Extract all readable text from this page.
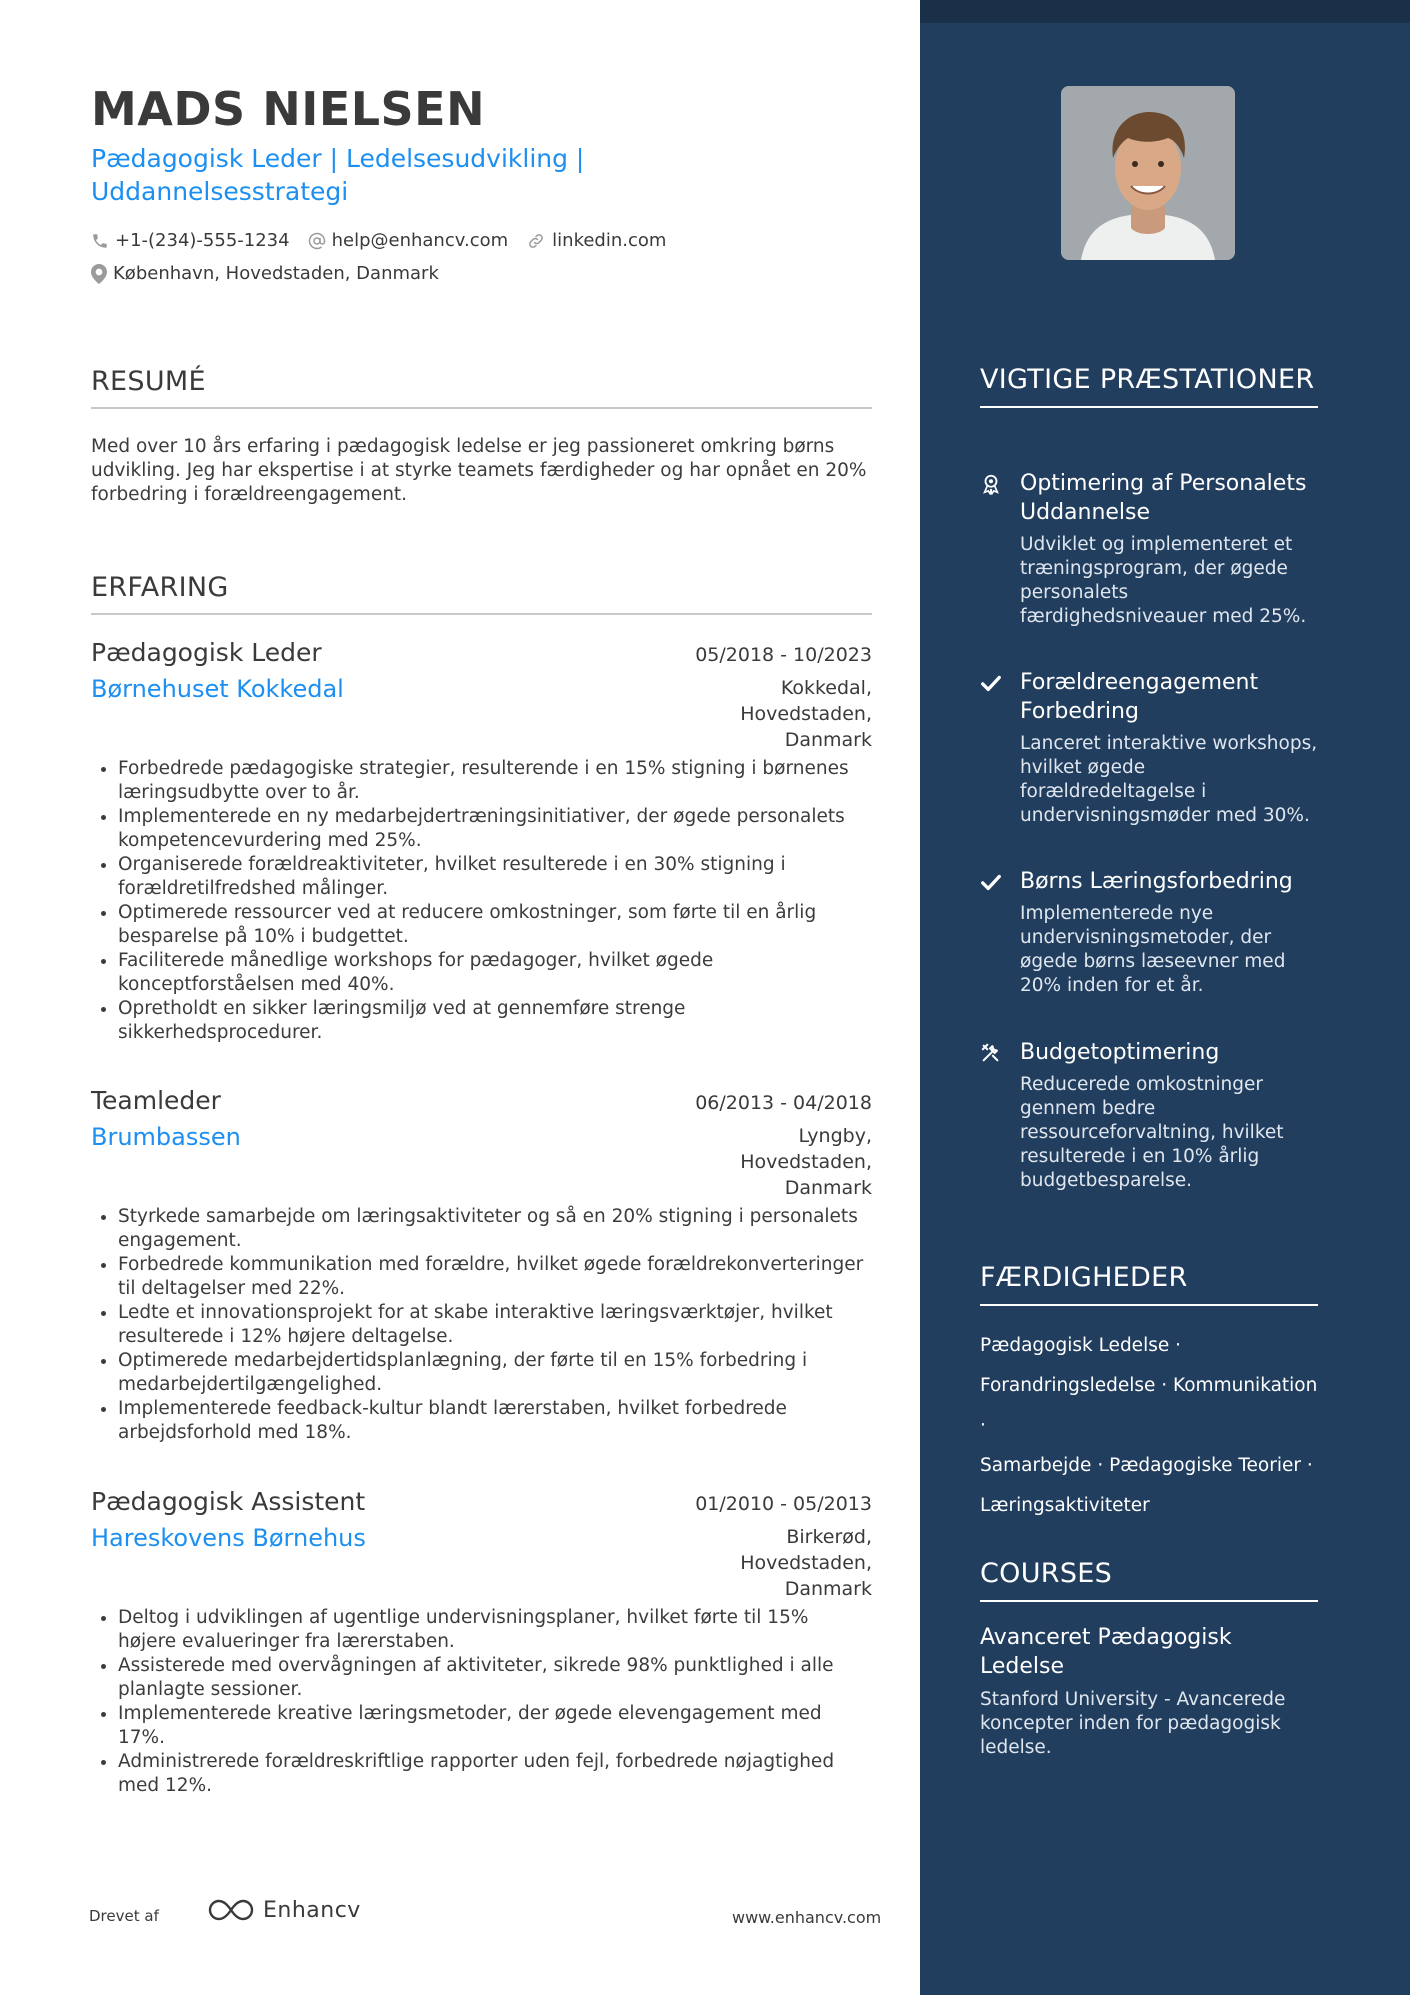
MADS NIELSEN
Pædagogisk Leder | Ledelsesudvikling | Uddannelsesstrategi
+1-(234)-555-1234 help@enhancv.com linkedin.com
København, Hovedstaden, Danmark
RESUMÉ
Med over 10 års erfaring i pædagogisk ledelse er jeg passioneret omkring børns udvikling. Jeg har ekspertise i at styrke teamets færdigheder og har opnået en 20% forbedring i forældreengagement.
ERFARING
Pædagogisk Leder	05/2018 - 10/2023
Børnehuset Kokkedal	Kokkedal, Hovedstaden, Danmark
• Forbedrede pædagogiske strategier, resulterende i en 15% stigning i børnenes læringsudbytte over to år.
• Implementerede en ny medarbejdertræningsinitiativer, der øgede personalets kompetencevurdering med 25%.
• Organiserede forældreaktiviteter, hvilket resulterede i en 30% stigning i forældretilfredshed målinger.
• Optimerede ressourcer ved at reducere omkostninger, som førte til en årlig besparelse på 10% i budgettet.
• Faciliterede månedlige workshops for pædagoger, hvilket øgede konceptforståelsen med 40%.
• Opretholdt en sikker læringsmiljø ved at gennemføre strenge sikkerhedsprocedurer.
Teamleder	06/2013 - 04/2018
Brumbassen	Lyngby, Hovedstaden, Danmark
• Styrkede samarbejde om læringsaktiviteter og så en 20% stigning i personalets engagement.
• Forbedrede kommunikation med forældre, hvilket øgede forældrekonverteringer til deltagelser med 22%.
• Ledte et innovationsprojekt for at skabe interaktive læringsværktøjer, hvilket resulterede i 12% højere deltagelse.
• Optimerede medarbejdertidsplanlægning, der førte til en 15% forbedring i medarbejdertilgængelighed.
• Implementerede feedback-kultur blandt lærerstaben, hvilket forbedrede arbejdsforhold med 18%.
Pædagogisk Assistent	01/2010 - 05/2013
Hareskovens Børnehus	Birkerød, Hovedstaden, Danmark
• Deltog i udviklingen af ugentlige undervisningsplaner, hvilket førte til 15% højere evalueringer fra lærerstaben.
• Assisterede med overvågningen af aktiviteter, sikrede 98% punktlighed i alle planlagte sessioner.
• Implementerede kreative læringsmetoder, der øgede elevengagement med 17%.
• Administrerede forældreskriftlige rapporter uden fejl, forbedrede nøjagtighed med 12%.
Drevet af	Enhancv	www.enhancv.com
VIGTIGE PRÆSTATIONER
Optimering af Personalets Uddannelse
Udviklet og implementeret et træningsprogram, der øgede personalets færdighedsniveauer med 25%.
Forældreengagement Forbedring
Lanceret interaktive workshops, hvilket øgede forældredeltagelse i undervisningsmøder med 30%.
Børns Læringsforbedring
Implementerede nye undervisningsmetoder, der øgede børns læseevner med 20% inden for et år.
Budgetoptimering
Reducerede omkostninger gennem bedre ressourceforvaltning, hvilket resulterede i en 10% årlig budgetbesparelse.
FÆRDIGHEDER
Pædagogisk Ledelse ·
Forandringsledelse · Kommunikation ·
Samarbejde · Pædagogiske Teorier ·
Læringsaktiviteter
COURSES
Avanceret Pædagogisk Ledelse
Stanford University - Avancerede koncepter inden for pædagogisk ledelse.
